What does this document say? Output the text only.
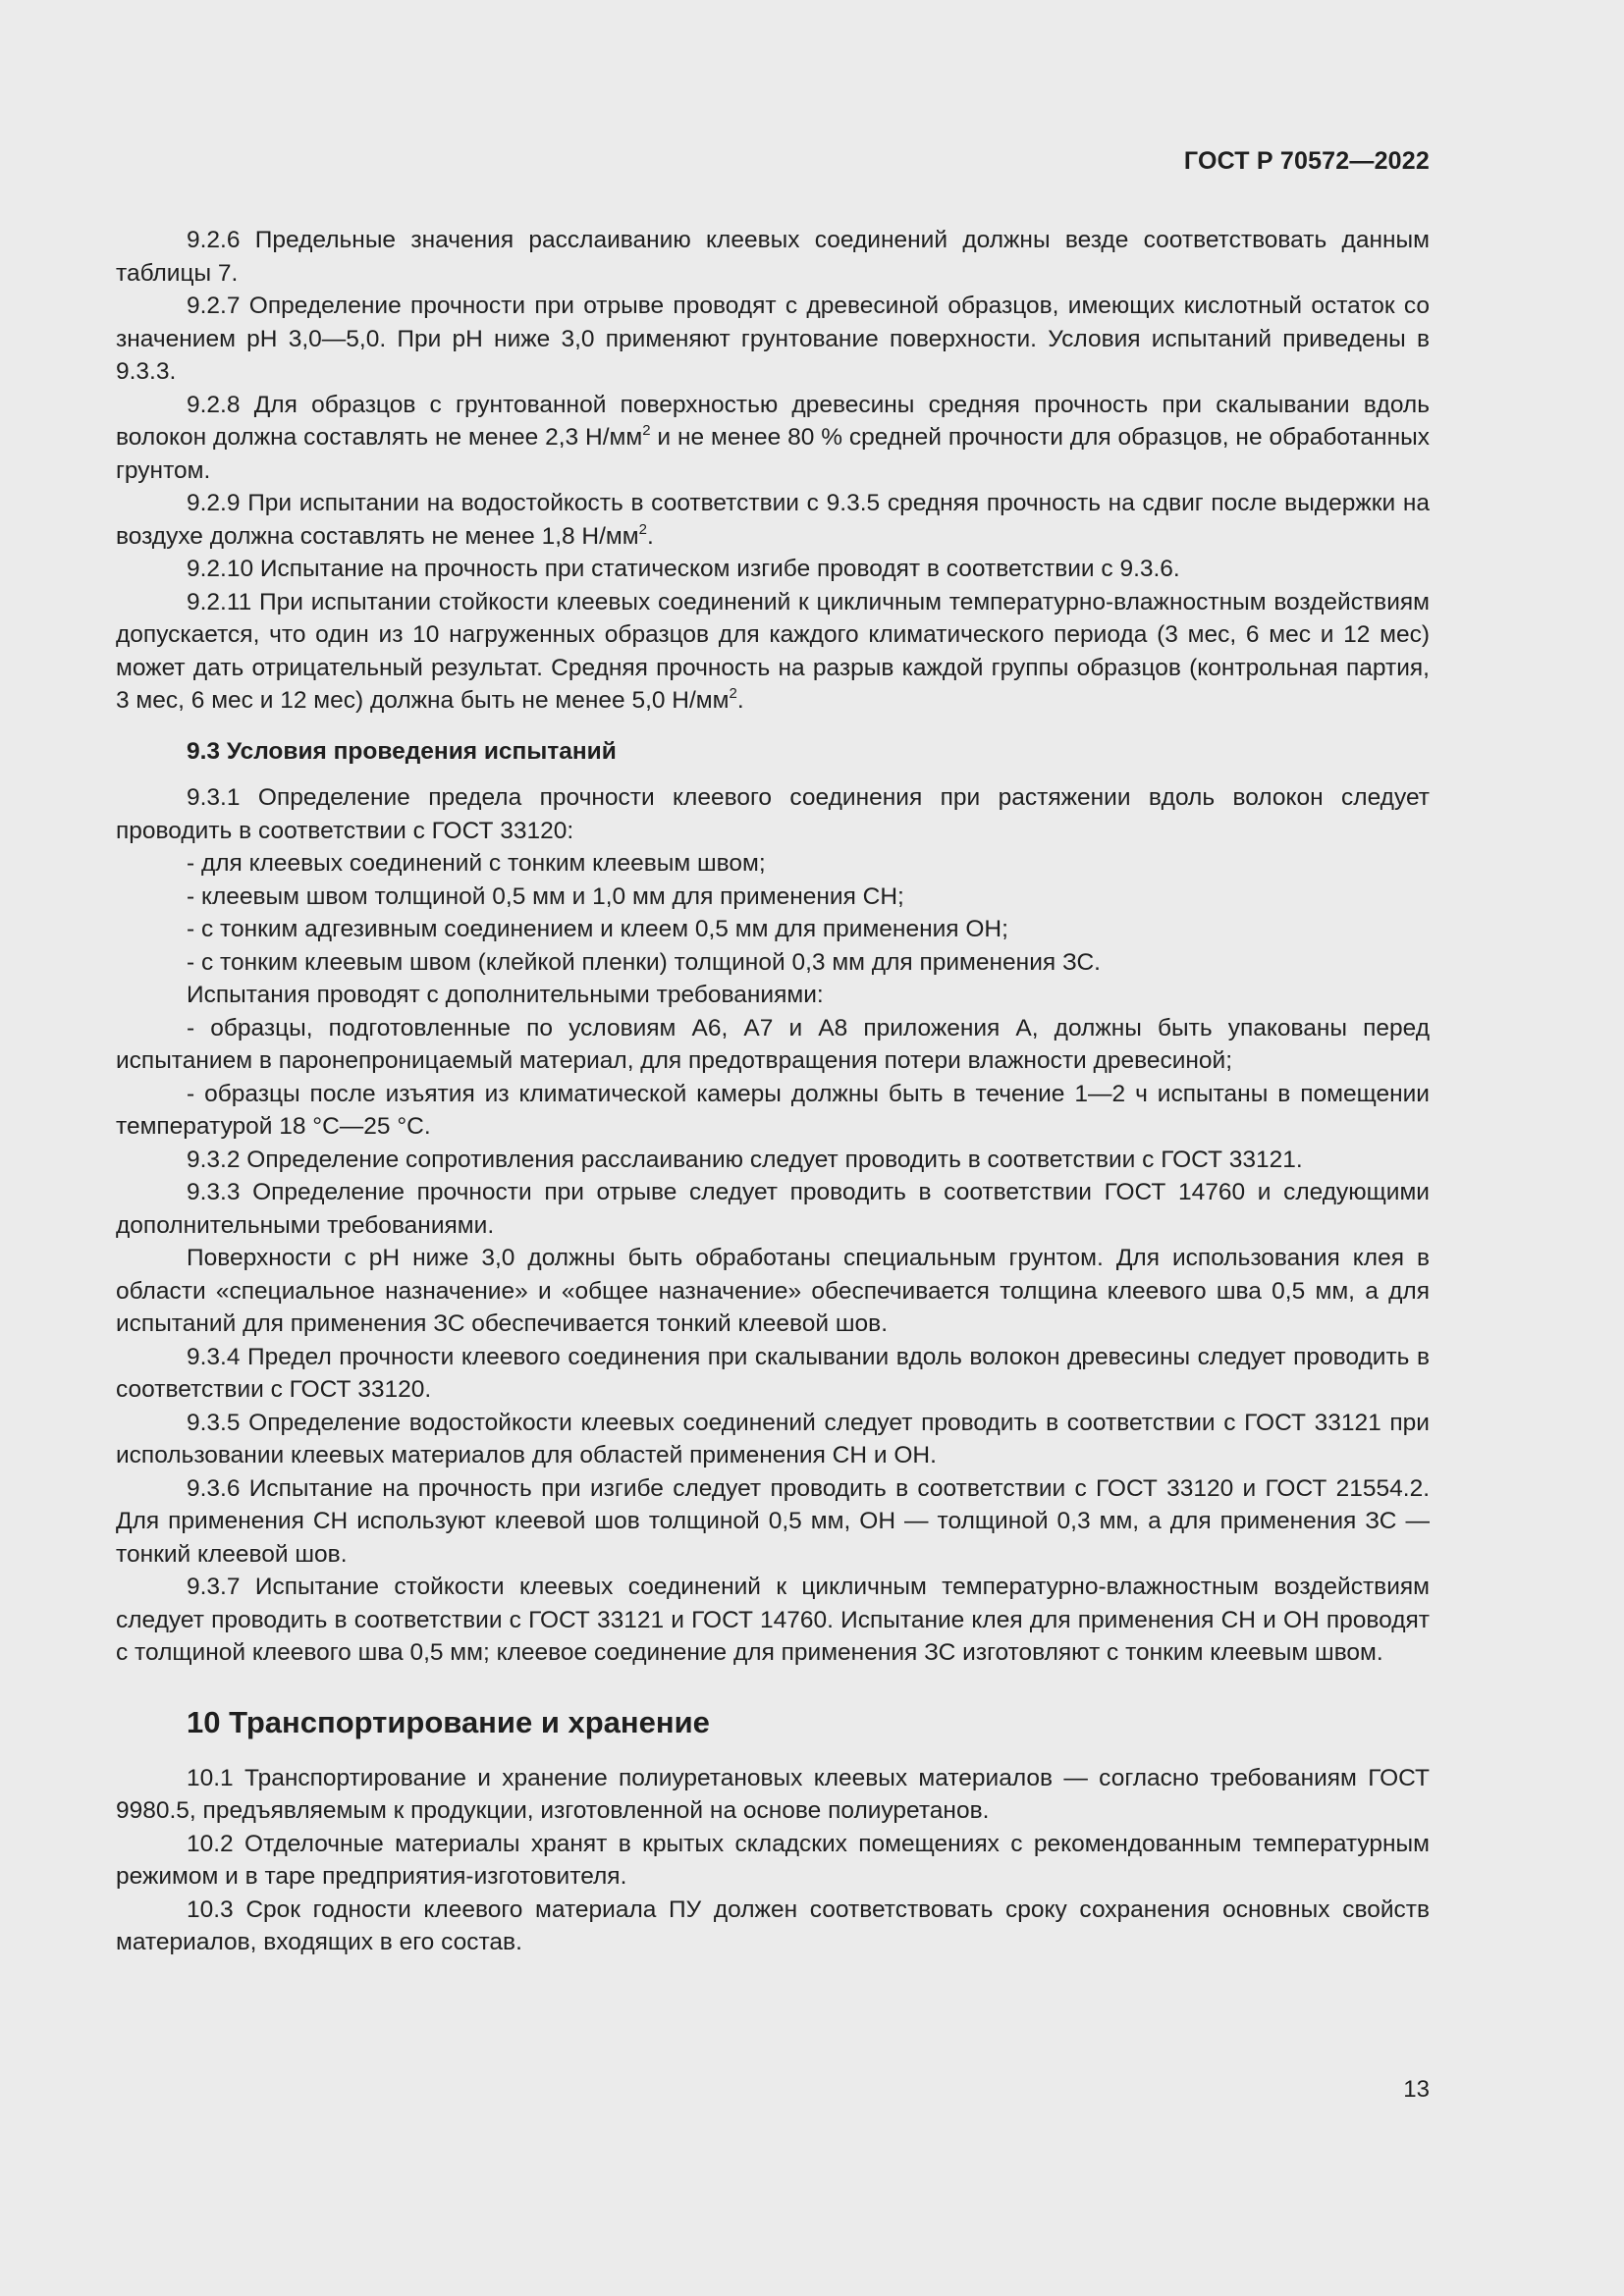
ГОСТ Р 70572—2022

9.2.6 Предельные значения расслаиванию клеевых соединений должны везде соответствовать данным таблицы 7.

9.2.7 Определение прочности при отрыве проводят с древесиной образцов, имеющих кислотный остаток со значением pH 3,0—5,0. При pH ниже 3,0 применяют грунтование поверхности. Условия испытаний приведены в 9.3.3.

9.2.8 Для образцов с грунтованной поверхностью древесины средняя прочность при скалывании вдоль волокон должна составлять не менее 2,3 $Н/мм^2$ и не менее 80 % средней прочности для образцов, не обработанных грунтом.

9.2.9 При испытании на водостойкость в соответствии с 9.3.5 средняя прочность на сдвиг после выдержки на воздухе должна составлять не менее 1,8 $Н/мм^2$.

9.2.10 Испытание на прочность при статическом изгибе проводят в соответствии с 9.3.6.

9.2.11 При испытании стойкости клеевых соединений к цикличным температурно-влажностным воздействиям допускается, что один из 10 нагруженных образцов для каждого климатического периода (3 мес, 6 мес и 12 мес) может дать отрицательный результат. Средняя прочность на разрыв каждой группы образцов (контрольная партия, 3 мес, 6 мес и 12 мес) должна быть не менее 5,0 $Н/мм^2$.

9.3 Условия проведения испытаний

9.3.1 Определение предела прочности клеевого соединения при растяжении вдоль волокон следует проводить в соответствии с ГОСТ 33120:

- для клеевых соединений с тонким клеевым швом;

- клеевым швом толщиной 0,5 мм и 1,0 мм для применения СН;

- с тонким адгезивным соединением и клеем 0,5 мм для применения ОН;

- с тонким клеевым швом (клейкой пленки) толщиной 0,3 мм для применения ЗС.

Испытания проводят с дополнительными требованиями:

- образцы, подготовленные по условиям А6, А7 и А8 приложения А, должны быть упакованы перед испытанием в паронепроницаемый материал, для предотвращения потери влажности древесиной;

- образцы после изъятия из климатической камеры должны быть в течение 1—2 ч испытаны в помещении температурой 18 °С—25 °С.

9.3.2 Определение сопротивления расслаиванию следует проводить в соответствии с ГОСТ 33121.

9.3.3 Определение прочности при отрыве следует проводить в соответствии ГОСТ 14760 и следующими дополнительными требованиями.

Поверхности с pH ниже 3,0 должны быть обработаны специальным грунтом. Для использования клея в области «специальное назначение» и «общее назначение» обеспечивается толщина клеевого шва 0,5 мм, а для испытаний для применения ЗС обеспечивается тонкий клеевой шов.

9.3.4 Предел прочности клеевого соединения при скалывании вдоль волокон древесины следует проводить в соответствии с ГОСТ 33120.

9.3.5 Определение водостойкости клеевых соединений следует проводить в соответствии с ГОСТ 33121 при использовании клеевых материалов для областей применения СН и ОН.

9.3.6 Испытание на прочность при изгибе следует проводить в соответствии с ГОСТ 33120 и ГОСТ 21554.2. Для применения СН используют клеевой шов толщиной 0,5 мм, ОН — толщиной 0,3 мм, а для применения ЗС — тонкий клеевой шов.

9.3.7 Испытание стойкости клеевых соединений к цикличным температурно-влажностным воздействиям следует проводить в соответствии с ГОСТ 33121 и ГОСТ 14760. Испытание клея для применения СН и ОН проводят с толщиной клеевого шва 0,5 мм; клеевое соединение для применения ЗС изготовляют с тонким клеевым швом.

10 Транспортирование и хранение

10.1 Транспортирование и хранение полиуретановых клеевых материалов — согласно требованиям ГОСТ 9980.5, предъявляемым к продукции, изготовленной на основе полиуретанов.

10.2 Отделочные материалы хранят в крытых складских помещениях с рекомендованным температурным режимом и в таре предприятия-изготовителя.

10.3 Срок годности клеевого материала ПУ должен соответствовать сроку сохранения основных свойств материалов, входящих в его состав.

13
